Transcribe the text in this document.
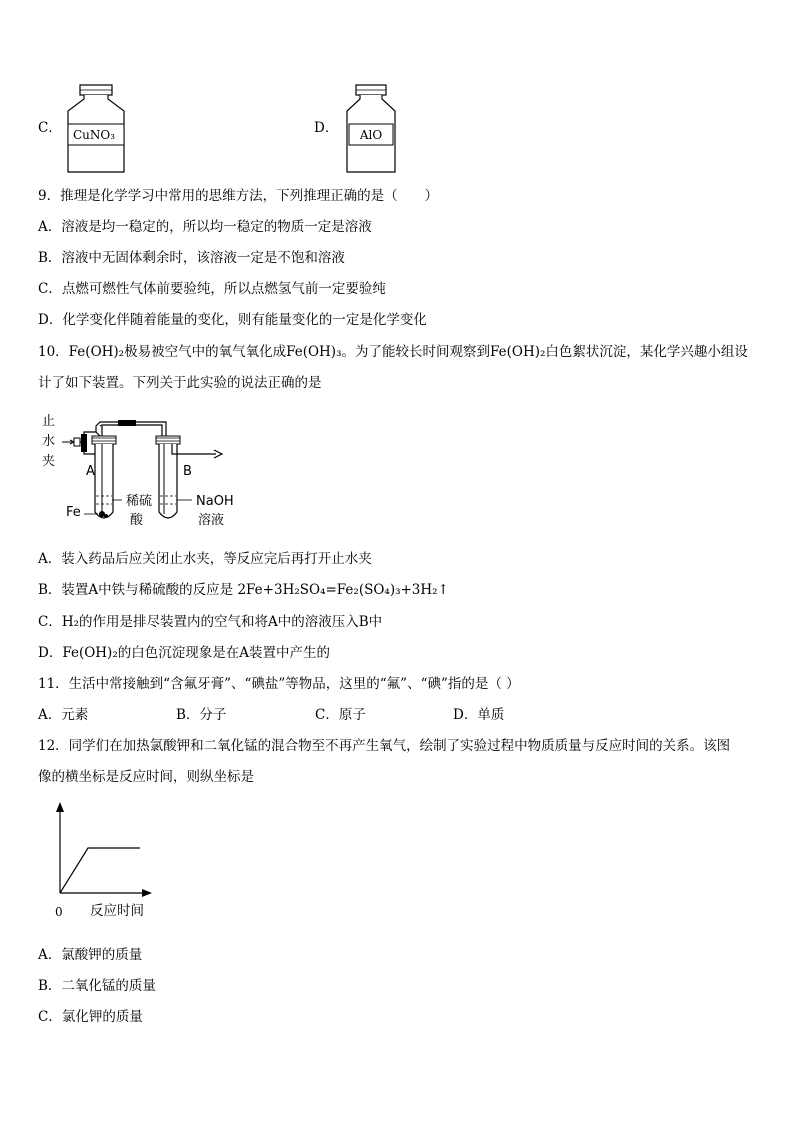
C． CuNO₃	D．	AlO
9．推理是化学学习中常用的思维方法，下列推理正确的是（　　）
A．溶液是均一稳定的，所以均一稳定的物质一定是溶液
B．溶液中无固体剩余时，该溶液一定是不饱和溶液
C．点燃可燃性气体前要验纯，所以点燃氢气前一定要验纯
D．化学变化伴随着能量的变化，则有能量变化的一定是化学变化
10．Fe(OH)₂极易被空气中的氧气氧化成Fe(OH)₃。为了能较长时间观察到Fe(OH)₂白色絮状沉淀，某化学兴趣小组设
计了如下装置。下列关于此实验的说法正确的是
止
水
夹
A	B
Fe
稀硫
酸
NaOH
溶液
A．装入药品后应关闭止水夹，等反应完后再打开止水夹
B．装置A中铁与稀硫酸的反应是 2Fe+3H₂SO₄=Fe₂(SO₄)₃+3H₂↑
C．H₂的作用是排尽装置内的空气和将A中的溶液压入B中
D．Fe(OH)₂的白色沉淀现象是在A装置中产生的
11．生活中常接触到“含氟牙膏”、“碘盐”等物品，这里的“氟”、“碘”指的是（ ）
A．元素	B．分子	C．原子	D．单质
12．同学们在加热氯酸钾和二氧化锰的混合物至不再产生氧气，绘制了实验过程中物质质量与反应时间的关系。该图
像的横坐标是反应时间，则纵坐标是
0 反应时间
A．氯酸钾的质量
B．二氧化锰的质量
C．氯化钾的质量
